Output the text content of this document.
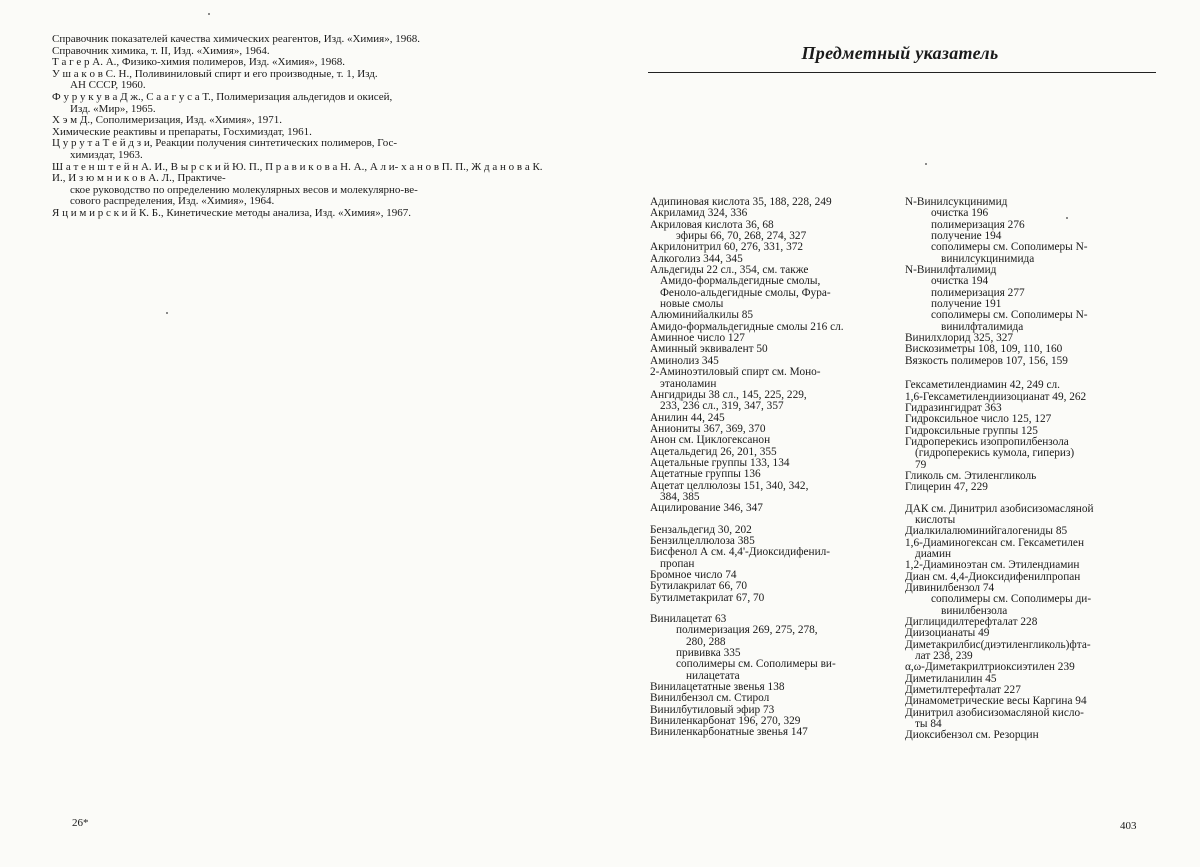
Справочник показателей качества химических реагентов, Изд. «Химия», 1968.
Справочник химика, т. II, Изд. «Химия», 1964.
Т а г е р А. А., Физико-химия полимеров, Изд. «Химия», 1968.
У ш а к о в С. Н., Поливиниловый спирт и его производные, т. 1, Изд.
АН СССР, 1960.
Ф у р у к у в а Д ж., С а а г у с а Т., Полимеризация альдегидов и окисей,
Изд. «Мир», 1965.
Х э м Д., Сополимеризация, Изд. «Химия», 1971.
Химические реактивы и препараты, Госхимиздат, 1961.
Ц у р у т а Т е й д з и, Реакции получения синтетических полимеров, Гос-
химиздат, 1963.
Ш а т е н ш т е й н А. И., В ы р с к и й Ю. П., П р а в и к о в а Н. А., А л и- х а н о в П. П., Ж д а н о в а К. И., И з ю м н и к о в А. Л., Практиче-
ское руководство по определению молекулярных весов и молекулярно-ве-
сового распределения, Изд. «Химия», 1964.
Я ц и м и р с к и й К. Б., Кинетические методы анализа, Изд. «Химия», 1967.
26*
Предметный указатель
Адипиновая кислота 35, 188, 228, 249
Акриламид 324, 336
Акриловая кислота 36, 68
эфиры 66, 70, 268, 274, 327
Акрилонитрил 60, 276, 331, 372
Алкоголиз 344, 345
Альдегиды 22 сл., 354, см. также
Амидо-формальдегидные смолы,
Феноло-альдегидные смолы, Фура-
новые смолы
Алюминийалкилы 85
Амидо-формальдегидные смолы 216 сл.
Аминное число 127
Аминный эквивалент 50
Аминолиз 345
2-Аминоэтиловый спирт см. Моно-
этаноламин
Ангидриды 38 сл., 145, 225, 229,
233, 236 сл., 319, 347, 357
Анилин 44, 245
Аниониты 367, 369, 370
Анон см. Циклогексанон
Ацетальдегид 26, 201, 355
Ацетальные группы 133, 134
Ацетатные группы 136
Ацетат целлюлозы 151, 340, 342,
384, 385
Ацилирование 346, 347
Бензальдегид 30, 202
Бензилцеллюлоза 385
Бисфенол А см. 4,4'-Диоксидифенил-
пропан
Бромное число 74
Бутилакрилат 66, 70
Бутилметакрилат 67, 70
Винилацетат 63
полимеризация 269, 275, 278,
280, 288
прививка 335
сополимеры см. Сополимеры ви-
нилацетата
Винилацетатные звенья 138
Винилбензол см. Стирол
Винилбутиловый эфир 73
Виниленкарбонат 196, 270, 329
Виниленкарбонатные звенья 147
N-Винилсукцинимид
очистка 196
полимеризация 276
получение 194
сополимеры см. Сополимеры N-
винилсукцинимида
N-Винилфталимид
очистка 194
полимеризация 277
получение 191
сополимеры см. Сополимеры N-
винилфталимида
Винилхлорид 325, 327
Вискозиметры 108, 109, 110, 160
Вязкость полимеров 107, 156, 159
Гексаметилендиамин 42, 249 сл.
1,6-Гексаметилендиизоцианат 49, 262
Гидразингидрат 363
Гидроксильное число 125, 127
Гидроксильные группы 125
Гидроперекись изопропилбензола
(гидроперекись кумола, гипериз)
79
Гликоль см. Этиленгликоль
Глицерин 47, 229
ДАК см. Динитрил азобисизомасляной
кислоты
Диалкилалюминийгалогениды 85
1,6-Диаминогексан см. Гексаметилен
диамин
1,2-Диаминоэтан см. Этилендиамин
Диан см. 4,4-Диоксидифенилпропан
Дивинилбензол 74
сополимеры см. Сополимеры ди-
винилбензола
Диглицидилтерефталат 228
Диизоцианаты 49
Диметакрилбис(диэтиленгликоль)фта-
лат 238, 239
α,ω-Диметакрилтриоксиэтилен 239
Диметиланилин 45
Диметилтерефталат 227
Динамометрические весы Каргина 94
Динитрил азобисизомасляной кисло-
ты 84
Диоксибензол см. Резорцин
403
